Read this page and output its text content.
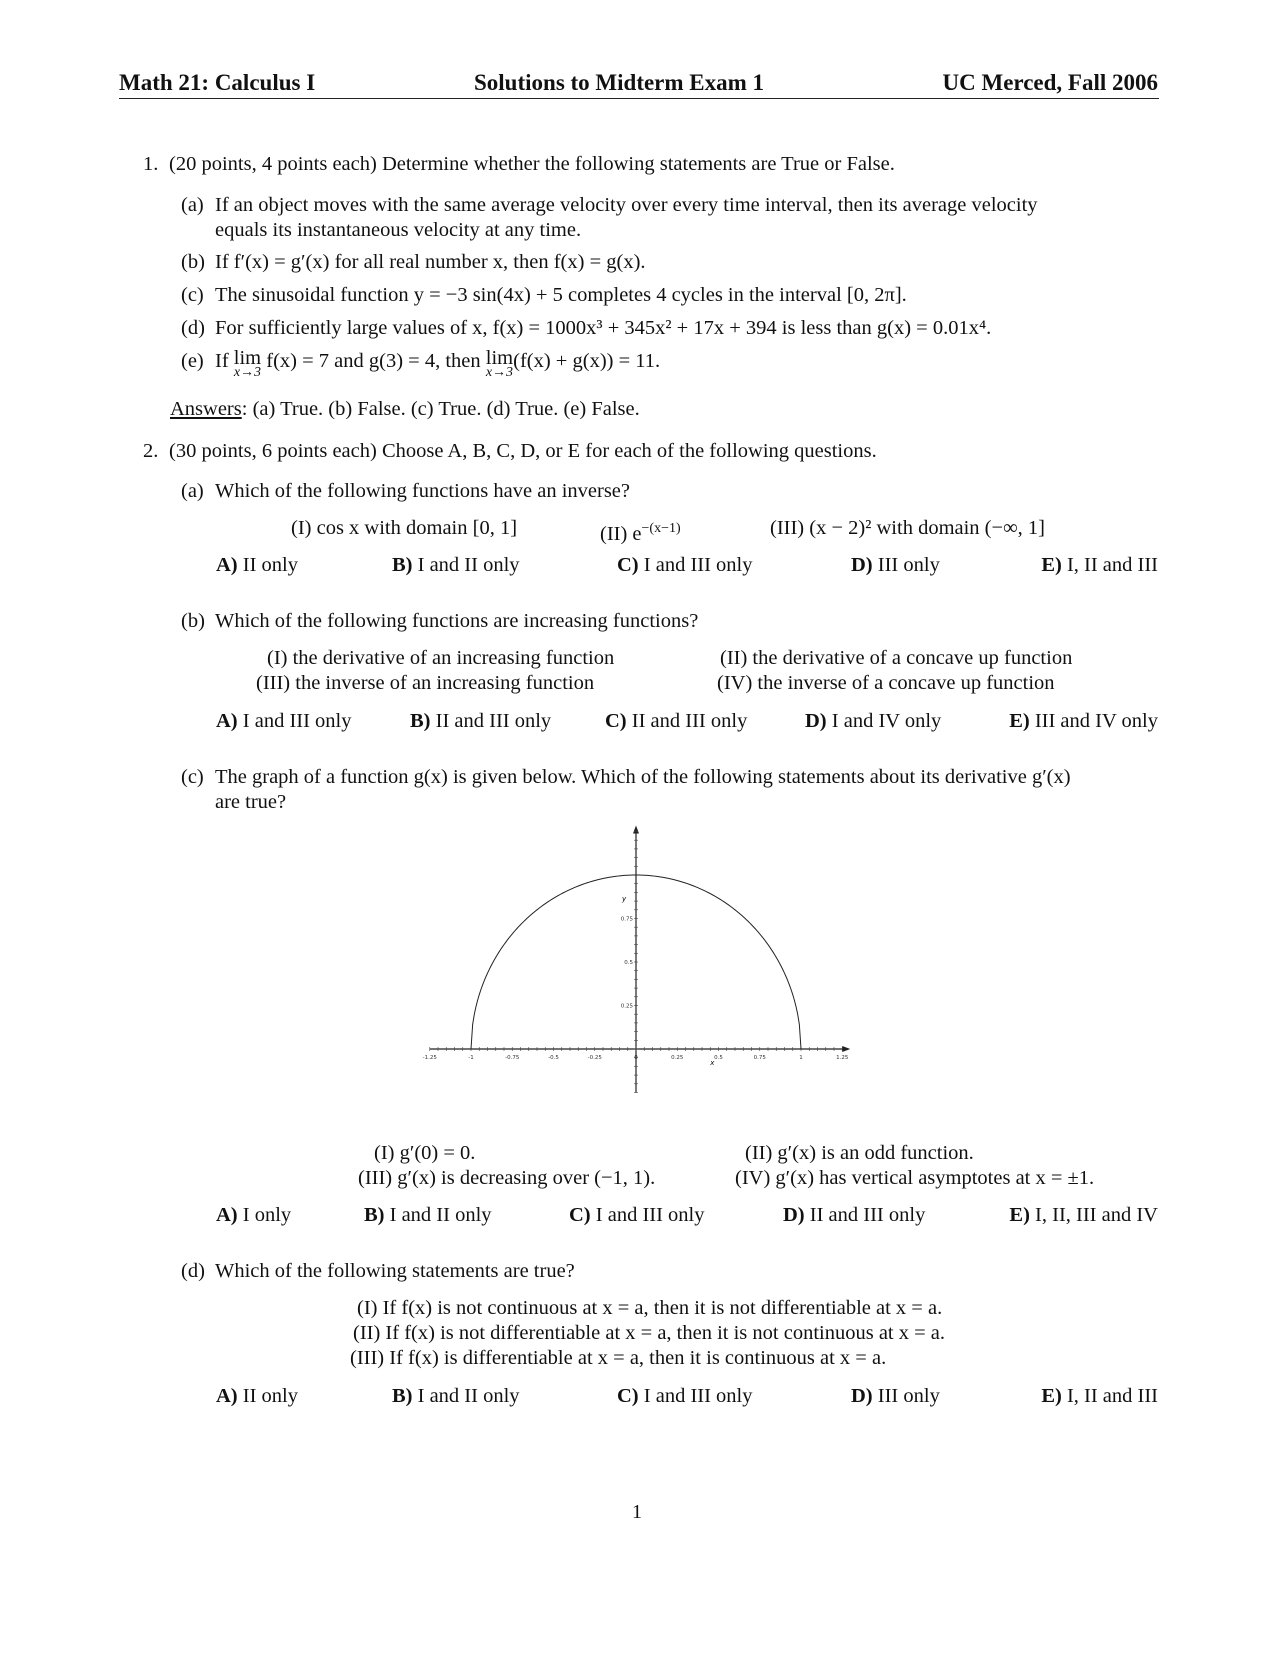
Math 21: Calculus I	Solutions to Midterm Exam 1	UC Merced, Fall 2006
1. (20 points, 4 points each) Determine whether the following statements are True or False.
(a) If an object moves with the same average velocity over every time interval, then its average velocity
equals its instantaneous velocity at any time.
(b) If f′(x) = g′(x) for all real number x, then f(x) = g(x).
(c) The sinusoidal function y = −3 sin(4x) + 5 completes 4 cycles in the interval [0, 2π].
(d) For sufficiently large values of x, f(x) = 1000x³ + 345x² + 17x + 394 is less than g(x) = 0.01x⁴.
(e) If lim
x→3
f(x) = 7 and g(3) = 4, then lim
x→3
(f(x) + g(x)) = 11.
Answers: (a) True. (b) False. (c) True. (d) True. (e) False.
2. (30 points, 6 points each) Choose A, B, C, D, or E for each of the following questions.
(a) Which of the following functions have an inverse?
(I) cos x with domain [0, 1]	(II) $e^{-(x-1)}$	(III) (x − 2)² with domain (−∞, 1]
A) II only	B) I and II only	C) I and III only	D) III only	E) I, II and III
(b) Which of the following functions are increasing functions?
(I) the derivative of an increasing function	(II) the derivative of a concave up function
(III) the inverse of an increasing function	(IV) the inverse of a concave up function
A) I and III only	B) II and III only	C) II and III only	D) I and IV only	E) III and IV only
(c) The graph of a function g(x) is given below. Which of the following statements about its derivative g′(x)
are true?
-1.25	-1	-0.75	-0.5	-0.25	0	0.25	0.5	0.75	1	1.25
0.25
0.5
0.75
x
y
(I) g′(0) = 0.	(II) g′(x) is an odd function.
(III) g′(x) is decreasing over (−1, 1).	(IV) g′(x) has vertical asymptotes at x = ±1.
A) I only	B) I and II only	C) I and III only	D) II and III only	E) I, II, III and IV
(d) Which of the following statements are true?
(I) If f(x) is not continuous at x = a, then it is not differentiable at x = a.
(II) If f(x) is not differentiable at x = a, then it is not continuous at x = a.
(III) If f(x) is differentiable at x = a, then it is continuous at x = a.
A) II only	B) I and II only	C) I and III only	D) III only	E) I, II and III
1
